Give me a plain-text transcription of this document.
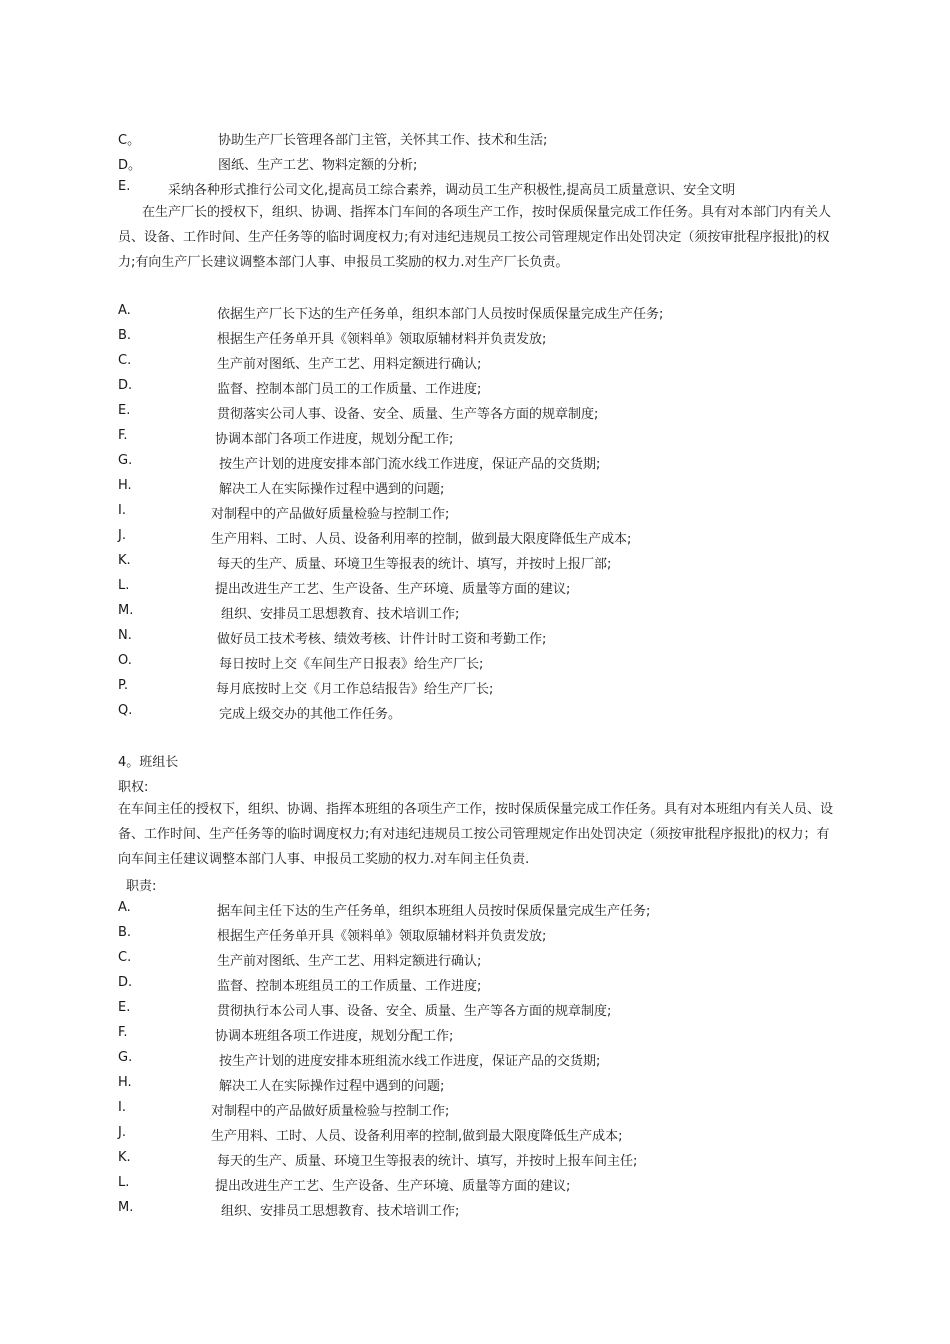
C。	协助生产厂长管理各部门主管，关怀其工作、技术和生活;
D。	图纸、生产工艺、物料定额的分析;
E.	采纳各种形式推行公司文化,提高员工综合素养，调动员工生产积极性,提高员工质量意识、安全文明
在生产厂长的授权下，组织、协调、指挥本门车间的各项生产工作，按时保质保量完成工作任务。具有对本部门内有关人员、设备、工作时间、生产任务等的临时调度权力;有对违纪违规员工按公司管理规定作出处罚决定（须按审批程序报批)的权力;有向生产厂长建议调整本部门人事、申报员工奖励的权力.对生产厂长负责。
A.	依据生产厂长下达的生产任务单，组织本部门人员按时保质保量完成生产任务;
B.	根据生产任务单开具《领料单》领取原辅材料并负责发放;
C.	生产前对图纸、生产工艺、用料定额进行确认;
D.	监督、控制本部门员工的工作质量、工作进度;
E.	贯彻落实公司人事、设备、安全、质量、生产等各方面的规章制度;
F.	协调本部门各项工作进度，规划分配工作;
G.	按生产计划的进度安排本部门流水线工作进度，保证产品的交货期;
H.	解决工人在实际操作过程中遇到的问题;
I.	对制程中的产品做好质量检验与控制工作;
J.	生产用料、工时、人员、设备利用率的控制，做到最大限度降低生产成本;
K.	每天的生产、质量、环境卫生等报表的统计、填写，并按时上报厂部;
L.	提出改进生产工艺、生产设备、生产环境、质量等方面的建议;
M.	组织、安排员工思想教育、技术培训工作;
N.	做好员工技术考核、绩效考核、计件计时工资和考勤工作;
O.	每日按时上交《车间生产日报表》给生产厂长;
P.	每月底按时上交《月工作总结报告》给生产厂长;
Q.	完成上级交办的其他工作任务。
4。班组长
职权:
在车间主任的授权下，组织、协调、指挥本班组的各项生产工作，按时保质保量完成工作任务。具有对本班组内有关人员、设备、工作时间、生产任务等的临时调度权力;有对违纪违规员工按公司管理规定作出处罚决定（须按审批程序报批)的权力；有向车间主任建议调整本部门人事、申报员工奖励的权力.对车间主任负责.
职责:
A.	据车间主任下达的生产任务单，组织本班组人员按时保质保量完成生产任务;
B.	根据生产任务单开具《领料单》领取原辅材料并负责发放;
C.	生产前对图纸、生产工艺、用料定额进行确认;
D.	监督、控制本班组员工的工作质量、工作进度;
E.	贯彻执行本公司人事、设备、安全、质量、生产等各方面的规章制度;
F.	协调本班组各项工作进度，规划分配工作;
G.	按生产计划的进度安排本班组流水线工作进度，保证产品的交货期;
H.	解决工人在实际操作过程中遇到的问题;
I.	对制程中的产品做好质量检验与控制工作;
J.	生产用料、工时、人员、设备利用率的控制,做到最大限度降低生产成本;
K.	每天的生产、质量、环境卫生等报表的统计、填写，并按时上报车间主任;
L.	提出改进生产工艺、生产设备、生产环境、质量等方面的建议;
M.	组织、安排员工思想教育、技术培训工作;
